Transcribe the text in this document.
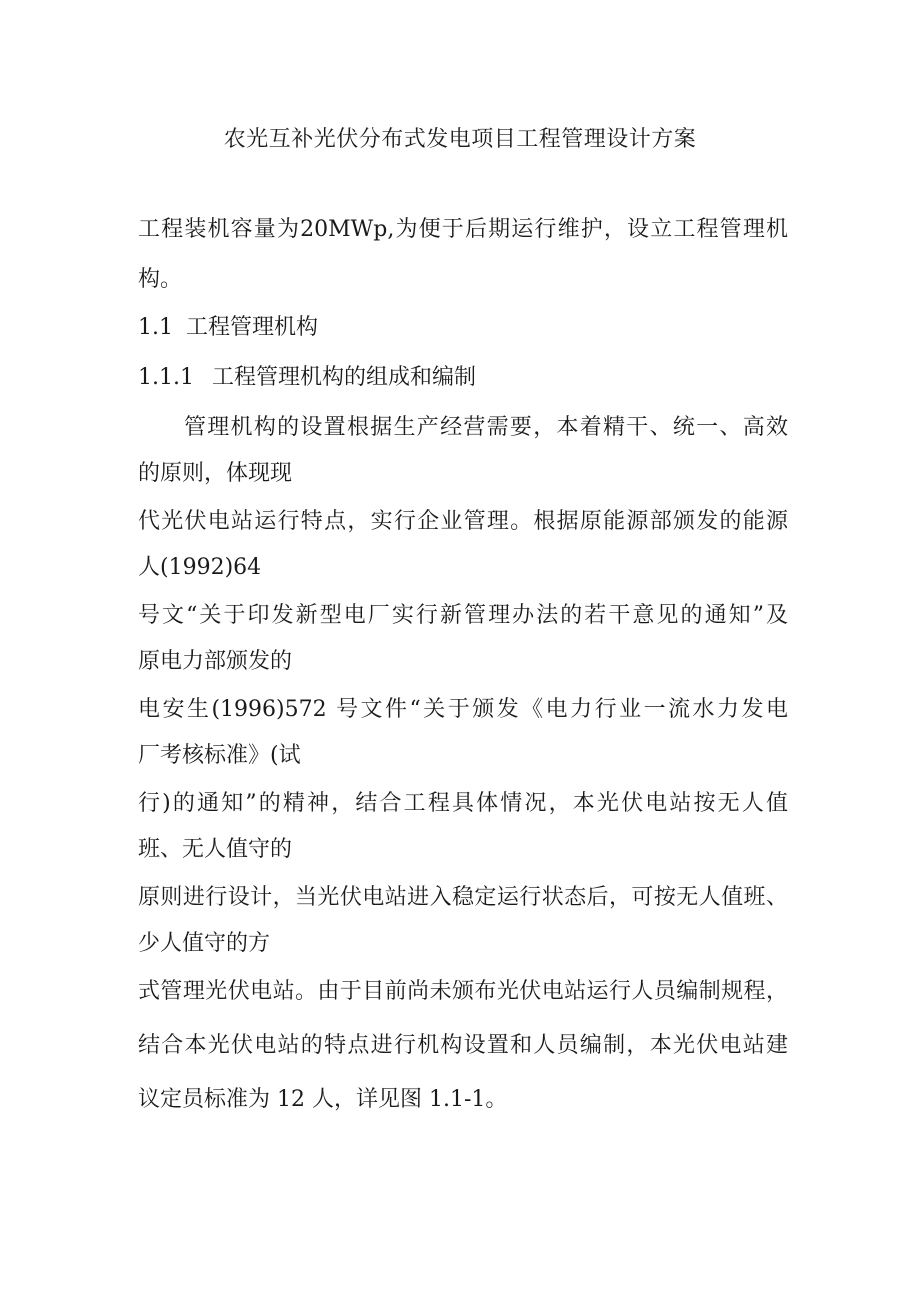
农光互补光伏分布式发电项目工程管理设计方案
工程装机容量为20MWp,为便于后期运行维护，设立工程管理机
构。
1.1 工程管理机构
1.1.1 工程管理机构的组成和编制
管理机构的设置根据生产经营需要，本着精干、统一、高效
的原则，体现现
代光伏电站运行特点，实行企业管理。根据原能源部颁发的能源
人(1992)64
号文“关于印发新型电厂实行新管理办法的若干意见的通知”及
原电力部颁发的
电安生(1996)572 号文件“关于颁发《电力行业一流水力发电
厂考核标准》(试
行)的通知”的精神，结合工程具体情况，本光伏电站按无人值
班、无人值守的
原则进行设计，当光伏电站进入稳定运行状态后，可按无人值班、
少人值守的方
式管理光伏电站。由于目前尚未颁布光伏电站运行人员编制规程，
结合本光伏电站的特点进行机构设置和人员编制，本光伏电站建
议定员标准为 12 人，详见图 1.1-1。
